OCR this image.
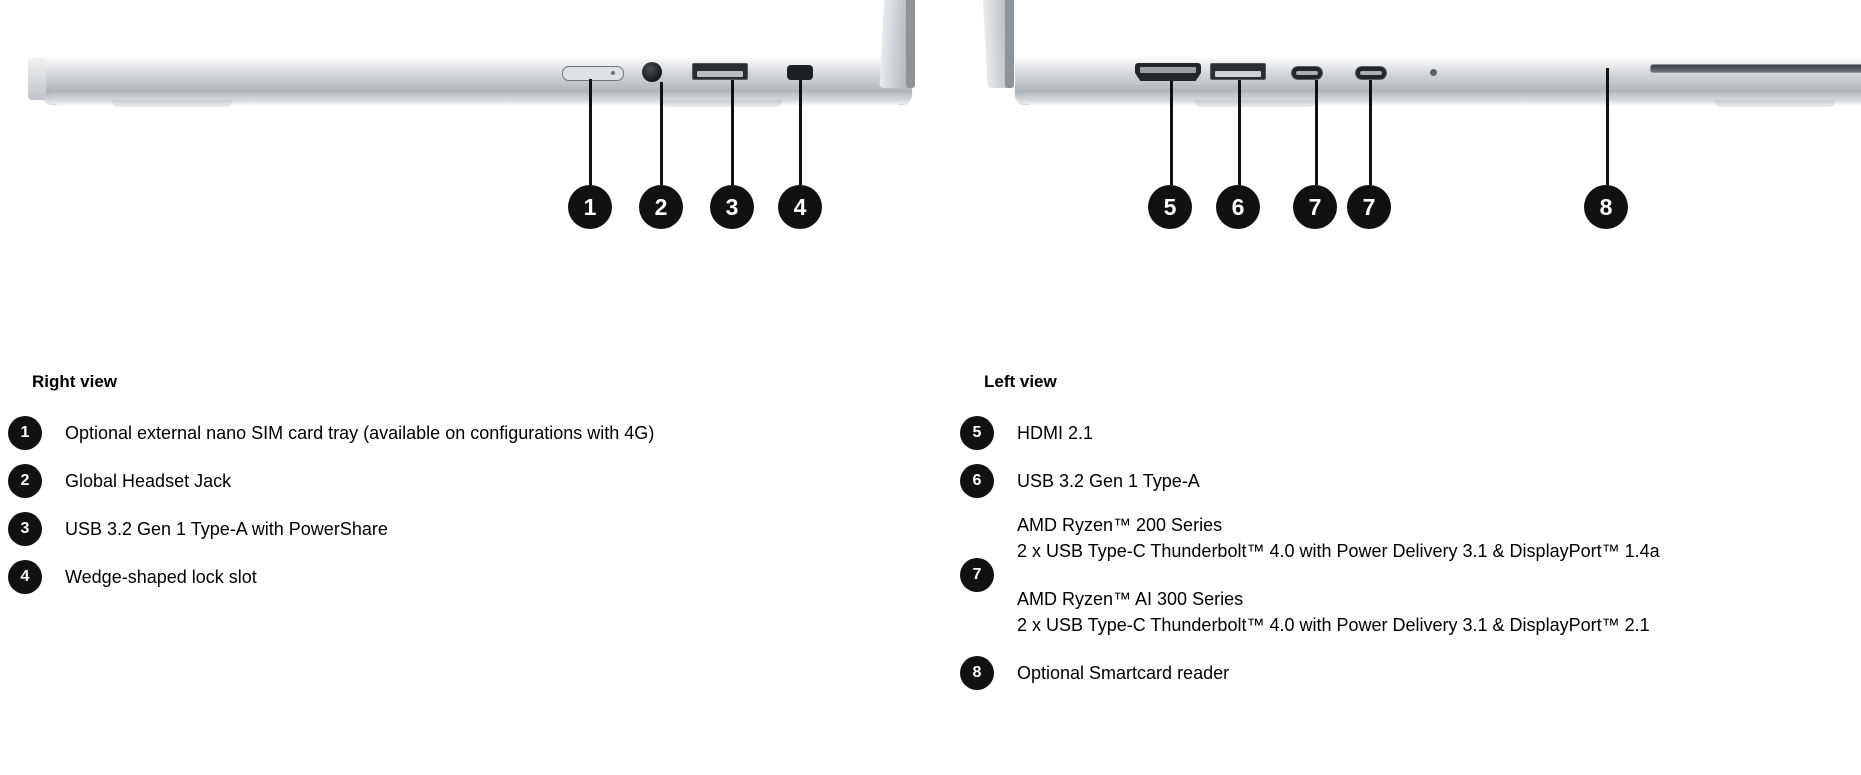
1	2	3	4	5	6	7	7	8
Right view
1	Optional external nano SIM card tray (available on configurations with 4G)
2	Global Headset Jack
3	USB 3.2 Gen 1 Type-A with PowerShare
4	Wedge-shaped lock slot
Left view
5	HDMI 2.1
6	USB 3.2 Gen 1 Type-A
7
AMD Ryzen™ 200 Series
2 x USB Type-C Thunderbolt™ 4.0 with Power Delivery 3.1 & DisplayPort™ 1.4a
AMD Ryzen™ AI 300 Series
2 x USB Type-C Thunderbolt™ 4.0 with Power Delivery 3.1 & DisplayPort™ 2.1
8	Optional Smartcard reader
